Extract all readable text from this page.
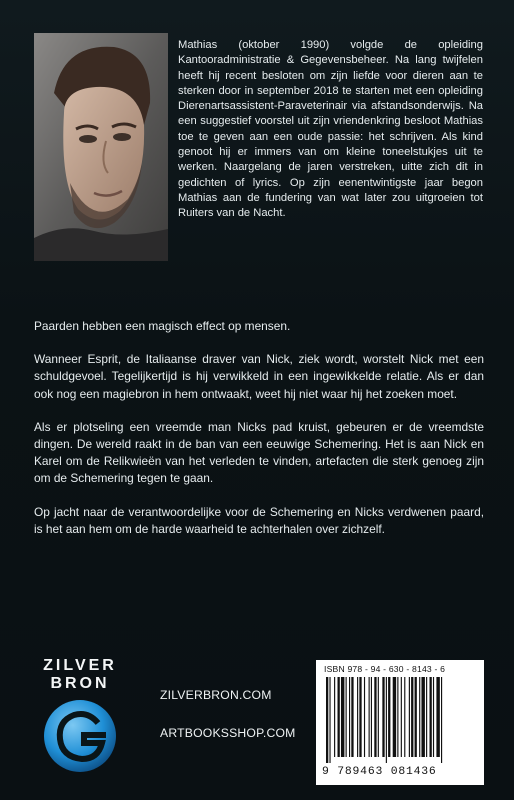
Mathias (oktober 1990) volgde de opleiding Kantooradministratie & Gegevensbeheer. Na lang twijfelen heeft hij recent besloten om zijn liefde voor dieren aan te sterken door in september 2018 te starten met een opleiding Dierenartsassistent-Paraveterinair via afstandsonderwijs. Na een suggestief voorstel uit zijn vriendenkring besloot Mathias toe te geven aan een oude passie: het schrijven. Als kind genoot hij er immers van om kleine toneelstukjes uit te werken. Naargelang de jaren verstreken, uitte zich dit in gedichten of lyrics. Op zijn eenentwintigste jaar begon Mathias aan de fundering van wat later zou uitgroeien tot Ruiters van de Nacht.

Paarden hebben een magisch effect op mensen.

Wanneer Esprit, de Italiaanse draver van Nick, ziek wordt, worstelt Nick met een schuldgevoel. Tegelijkertijd is hij verwikkeld in een ingewikkelde relatie. Als er dan ook nog een magiebron in hem ontwaakt, weet hij niet waar hij het zoeken moet.

Als er plotseling een vreemde man Nicks pad kruist, gebeuren er de vreemdste dingen. De wereld raakt in de ban van een eeuwige Schemering. Het is aan Nick en Karel om de Relikwieën van het verleden te vinden, artefacten die sterk genoeg zijn om de Schemering tegen te gaan.

Op jacht naar de verantwoordelijke voor de Schemering en Nicks verdwenen paard, is het aan hem om de harde waarheid te achterhalen over zichzelf.

ZILVER
BRON
ZILVERBRON.COM
ARTBOOKSSHOP.COM
ISBN 978 - 94 - 630 - 8143 - 6
9 789463 081436
